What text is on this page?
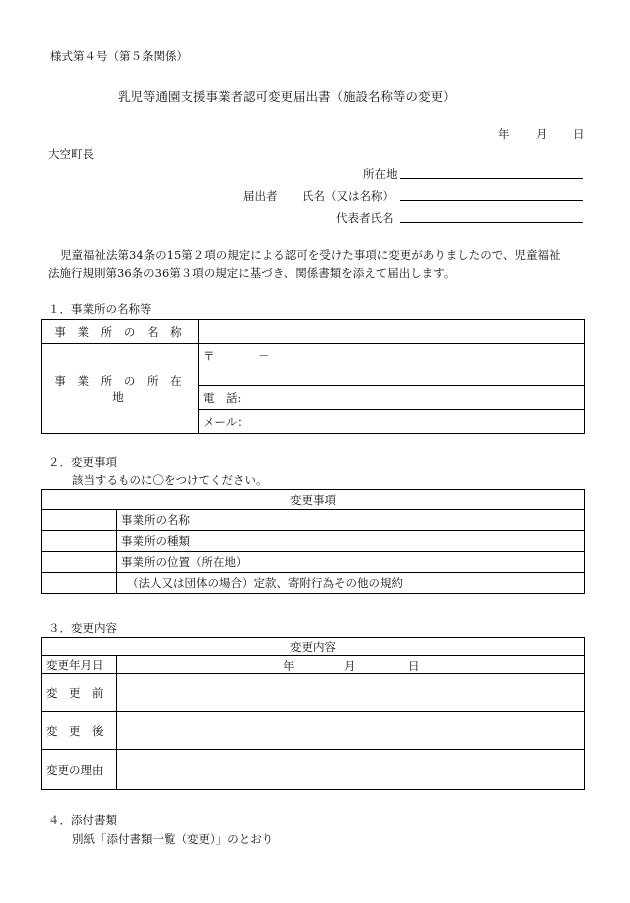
様式第４号（第５条関係）
乳児等通園支援事業者認可変更届出書（施設名称等の変更）
年 月 日
大空町長
所在地
届出者 氏名（又は名称）
代表者氏名
児童福祉法第34条の15第２項の規定による認可を受けた事項に変更がありましたので、児童福祉
法施行規則第36条の36第３項の規定に基づき、関係書類を添えて届出します。
１．事業所の名称等
事 業 所 の 名 称	
事 業 所 の 所 在 地	〒 －
	電　話:
	メール：
２．変更事項
該当するものに〇をつけてください。
変更事項	
	事業所の名称
	事業所の種類
	事業所の位置（所在地）
	（法人又は団体の場合）定款、寄附行為その他の規約
３．変更内容
変更内容	
変更年月日	年 月 日

変　更　前	
変　更　後	
変更の理由	
４．添付書類
別紙「添付書類一覧（変更）」のとおり
